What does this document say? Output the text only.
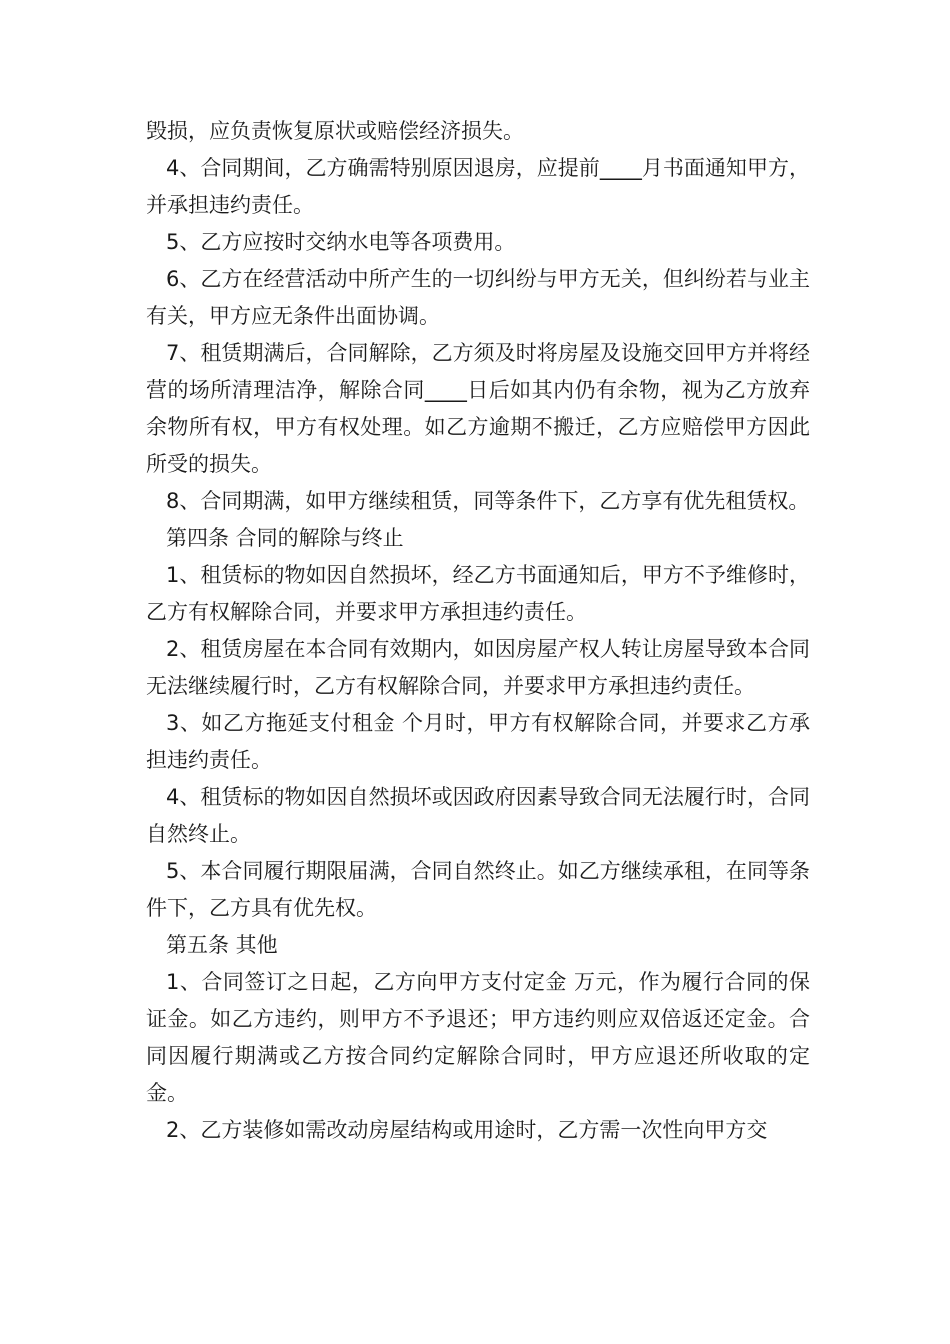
毁损，应负责恢复原状或赔偿经济损失。

4、合同期间，乙方确需特别原因退房，应提前____月书面通知甲方，并承担违约责任。

5、乙方应按时交纳水电等各项费用。

6、乙方在经营活动中所产生的一切纠纷与甲方无关，但纠纷若与业主有关，甲方应无条件出面协调。

7、租赁期满后，合同解除，乙方须及时将房屋及设施交回甲方并将经营的场所清理洁净，解除合同____日后如其内仍有余物，视为乙方放弃余物所有权，甲方有权处理。如乙方逾期不搬迁，乙方应赔偿甲方因此所受的损失。

8、合同期满，如甲方继续租赁，同等条件下，乙方享有优先租赁权。

第四条 合同的解除与终止

1、租赁标的物如因自然损坏，经乙方书面通知后，甲方不予维修时，乙方有权解除合同，并要求甲方承担违约责任。

2、租赁房屋在本合同有效期内，如因房屋产权人转让房屋导致本合同无法继续履行时，乙方有权解除合同，并要求甲方承担违约责任。

3、如乙方拖延支付租金 个月时，甲方有权解除合同，并要求乙方承担违约责任。

4、租赁标的物如因自然损坏或因政府因素导致合同无法履行时，合同自然终止。

5、本合同履行期限届满，合同自然终止。如乙方继续承租，在同等条件下，乙方具有优先权。

第五条 其他

1、合同签订之日起，乙方向甲方支付定金 万元，作为履行合同的保证金。如乙方违约，则甲方不予退还；甲方违约则应双倍返还定金。合同因履行期满或乙方按合同约定解除合同时，甲方应退还所收取的定金。

2、乙方装修如需改动房屋结构或用途时，乙方需一次性向甲方交
